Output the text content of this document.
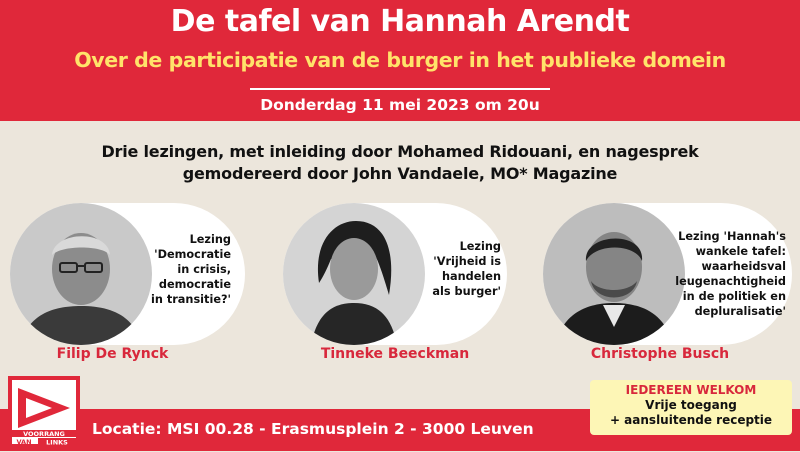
De tafel van Hannah Arendt
Over de participatie van de burger in het publieke domein
Donderdag 11 mei 2023 om 20u
Drie lezingen, met inleiding door Mohamed Ridouani, en nagesprek
gemodereerd door John Vandaele, MO* Magazine
Lezing
'Democratie
in crisis,
democratie
in transitie?'
Filip De Rynck
Lezing
'Vrijheid is
handelen
als burger'
Tinneke Beeckman
Lezing 'Hannah's
wankele tafel:
waarheidsval
leugenachtigheid
in de politiek en
depluralisatie'
Christophe Busch
Locatie: MSI 00.28 - Erasmusplein 2 - 3000 Leuven
VOORRANG
VAN LINKS
IEDEREEN WELKOM
Vrije toegang
+ aansluitende receptie
